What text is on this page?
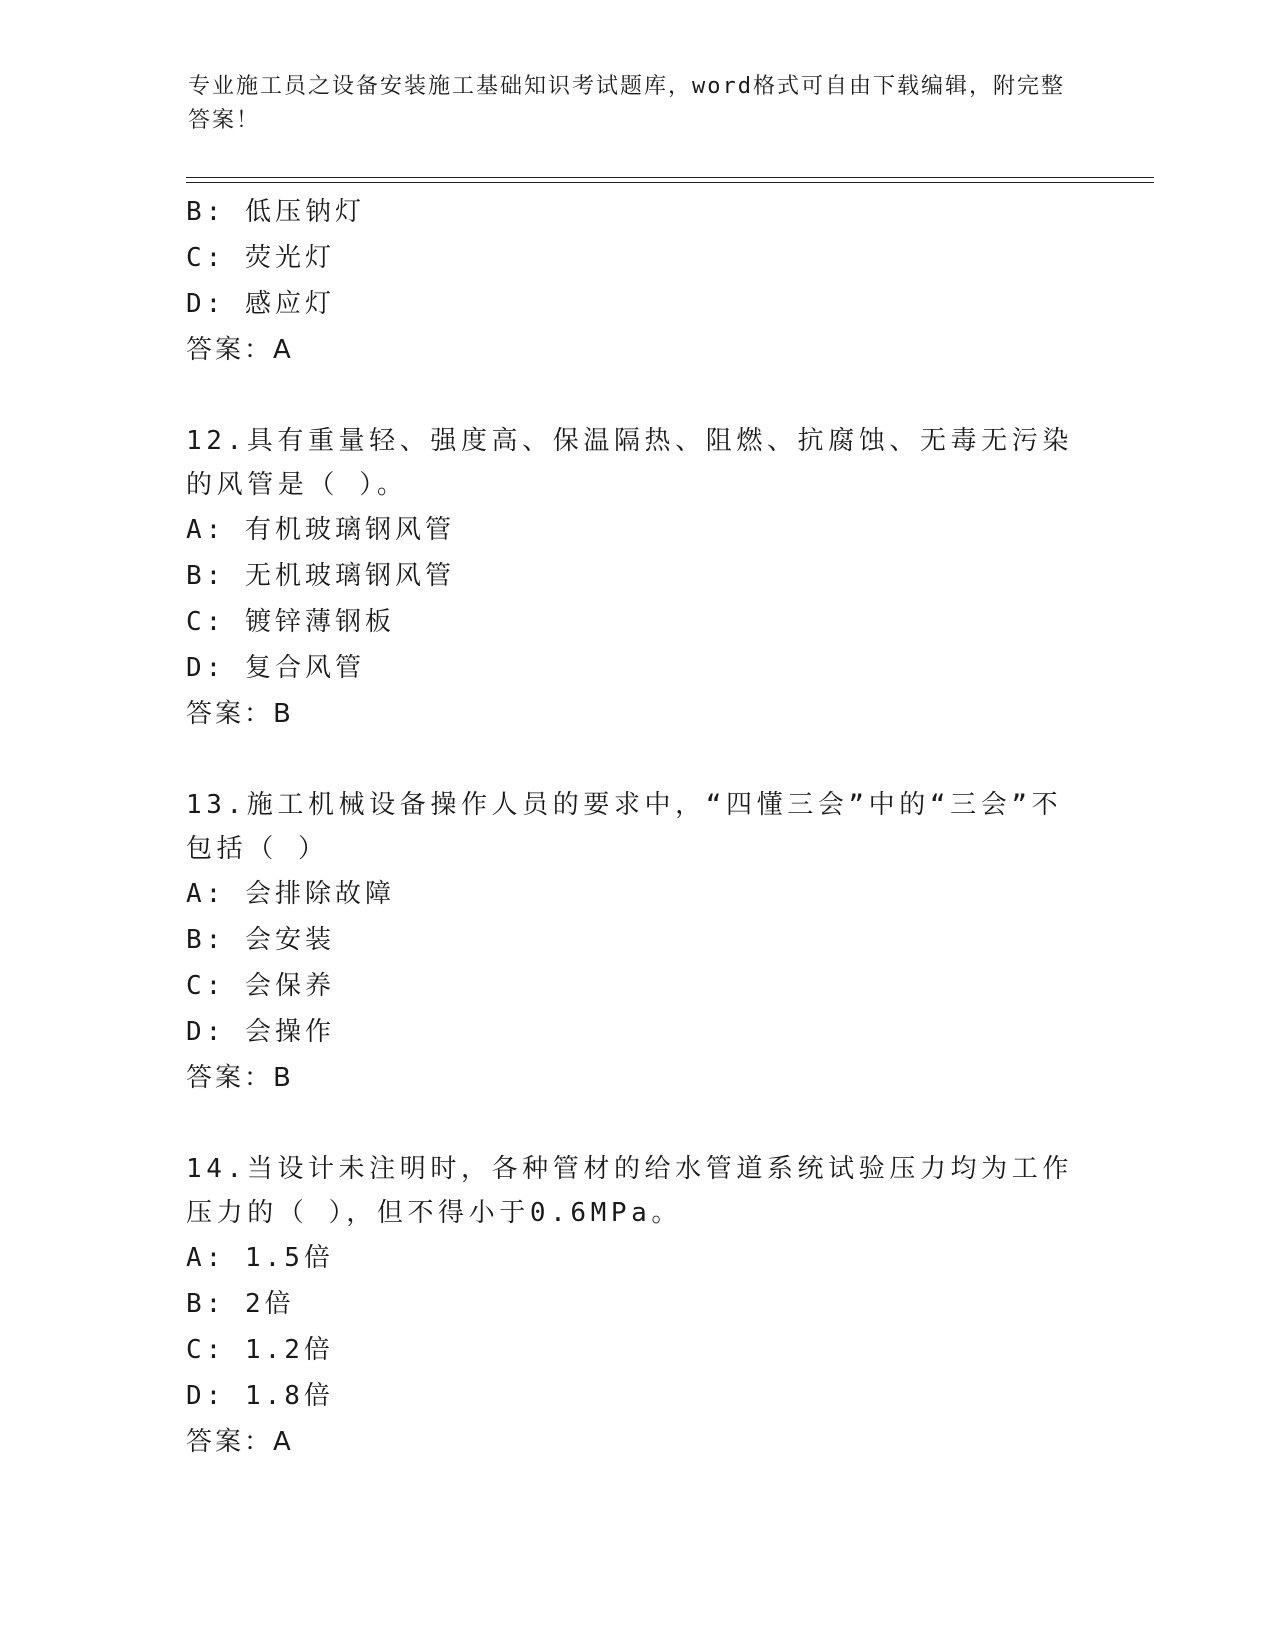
专业施工员之设备安装施工基础知识考试题库，word格式可自由下载编辑，附完整答案！
B: 低压钠灯
C: 荧光灯
D: 感应灯
答案：A
12.具有重量轻、强度高、保温隔热、阻燃、抗腐蚀、无毒无污染的风管是（ ）。
A: 有机玻璃钢风管
B: 无机玻璃钢风管
C: 镀锌薄钢板
D: 复合风管
答案：B
13.施工机械设备操作人员的要求中，“四懂三会”中的“三会”不包括（ ）
A: 会排除故障
B: 会安装
C: 会保养
D: 会操作
答案：B
14.当设计未注明时，各种管材的给水管道系统试验压力均为工作压力的（ ），但不得小于0.6MPa。
A: 1.5倍
B: 2倍
C: 1.2倍
D: 1.8倍
答案：A
